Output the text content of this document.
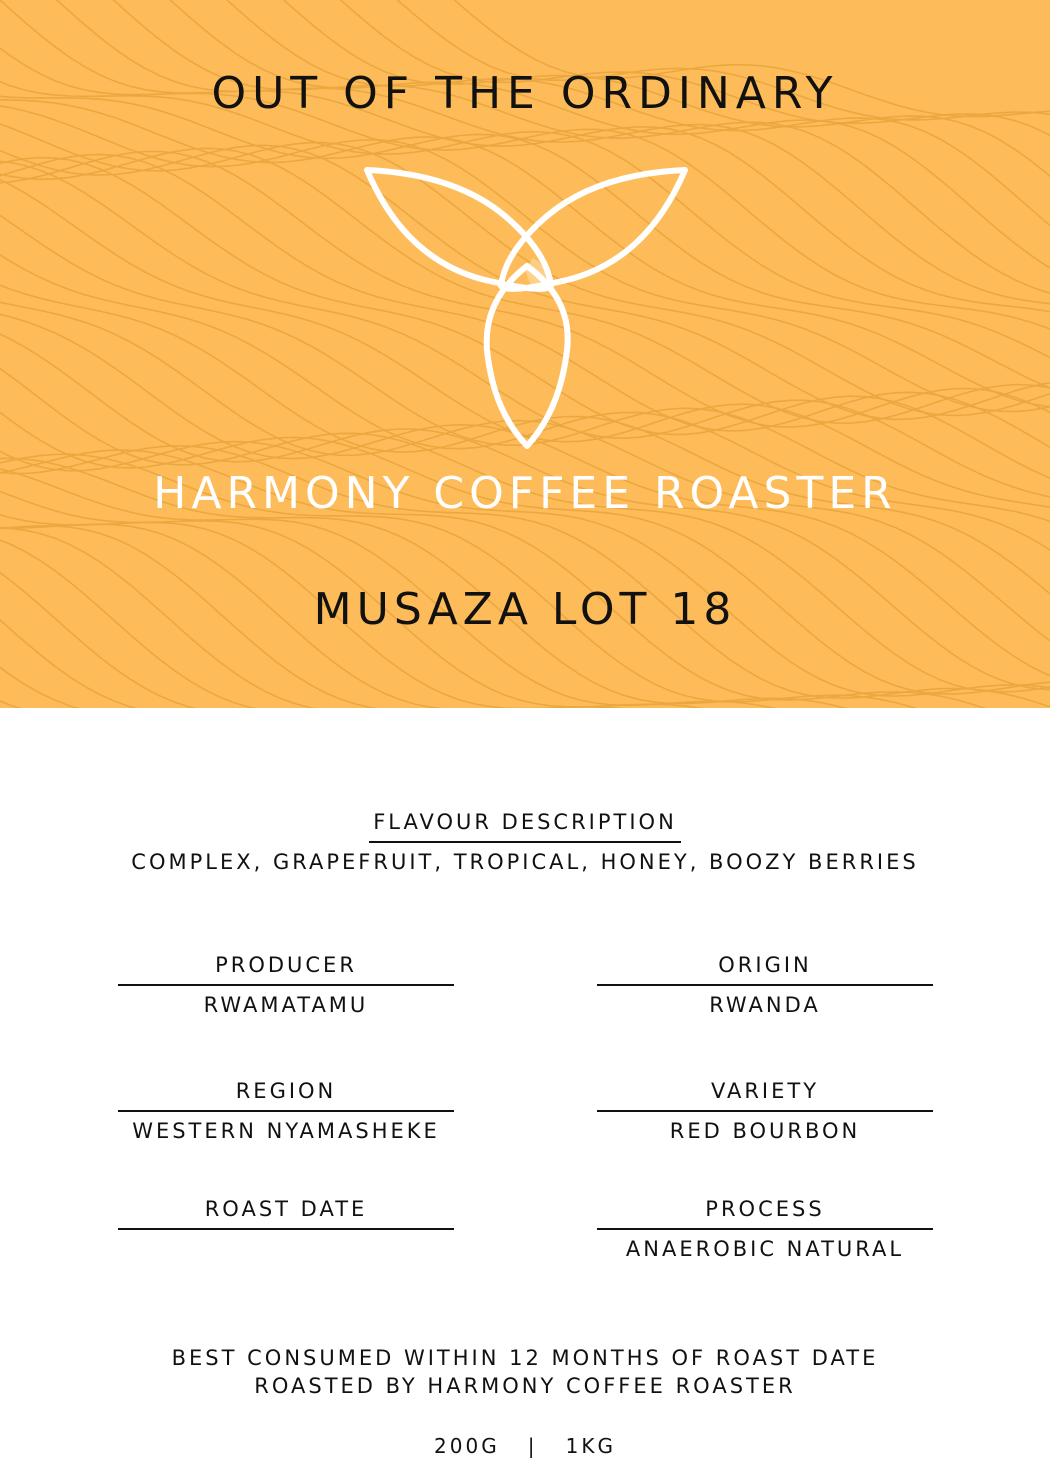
OUT OF THE ORDINARY
HARMONY COFFEE ROASTER
MUSAZA LOT 18
FLAVOUR DESCRIPTION
COMPLEX, GRAPEFRUIT, TROPICAL, HONEY, BOOZY BERRIES
PRODUCER
RWAMATAMU
ORIGIN
RWANDA
REGION
WESTERN NYAMASHEKE
VARIETY
RED BOURBON
ROAST DATE	PROCESS
ANAEROBIC NATURAL
BEST CONSUMED WITHIN 12 MONTHS OF ROAST DATE
ROASTED BY HARMONY COFFEE ROASTER
200G   |   1KG
